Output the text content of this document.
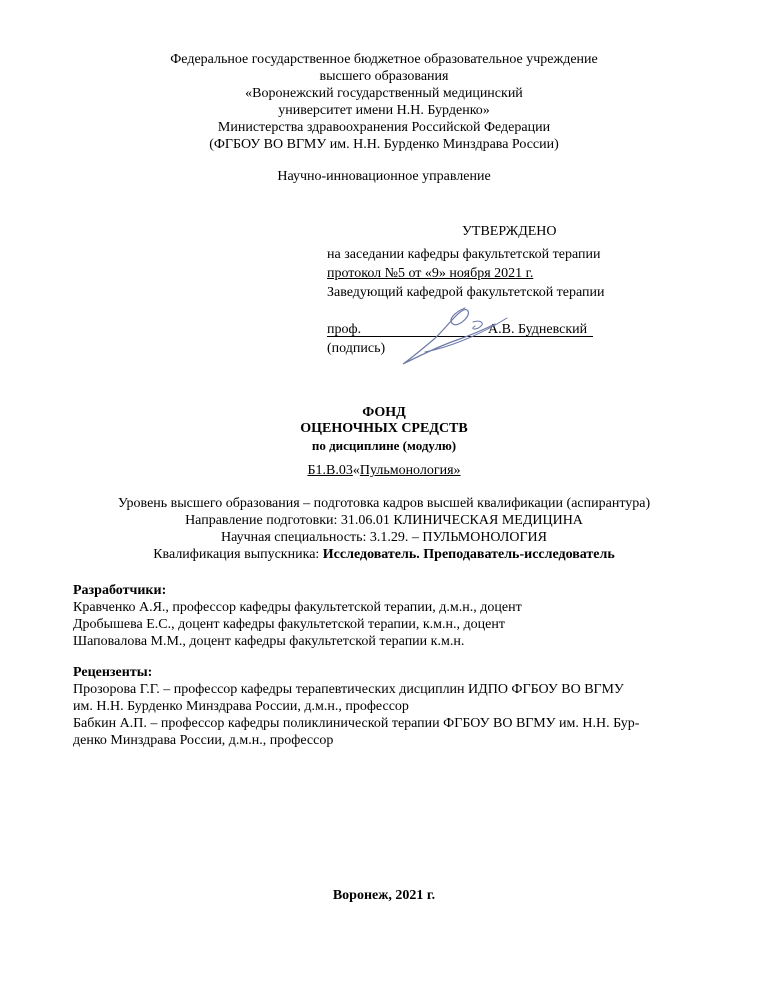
Федеральное государственное бюджетное образовательное учреждение
высшего образования
«Воронежский государственный медицинский
университет имени Н.Н. Бурденко»
Министерства здравоохранения Российской Федерации
(ФГБОУ ВО ВГМУ им. Н.Н. Бурденко Минздрава России)
Научно-инновационное управление
УТВЕРЖДЕНО
на заседании кафедры факультетской терапии
протокол №5 от «9» ноября 2021 г.
Заведующий кафедрой факультетской терапии
проф.	А.В. Будневский
(подпись)
ФОНД
ОЦЕНОЧНЫХ СРЕДСТВ
по дисциплине (модулю)
Б1.В.03«Пульмонология»
Уровень высшего образования – подготовка кадров высшей квалификации (аспирантура)
Направление подготовки: 31.06.01 КЛИНИЧЕСКАЯ МЕДИЦИНА
Научная специальность: 3.1.29. – ПУЛЬМОНОЛОГИЯ
Квалификация выпускника: Исследователь. Преподаватель-исследователь
Разработчики:
Кравченко А.Я., профессор кафедры факультетской терапии, д.м.н., доцент
Дробышева Е.С., доцент кафедры факультетской терапии, к.м.н., доцент
Шаповалова М.М., доцент кафедры факультетской терапии к.м.н.
Рецензенты:
Прозорова Г.Г. – профессор кафедры терапевтических дисциплин ИДПО ФГБОУ ВО ВГМУ
им. Н.Н. Бурденко Минздрава России, д.м.н., профессор
Бабкин А.П. – профессор кафедры поликлинической терапии ФГБОУ ВО ВГМУ им. Н.Н. Бур-
денко Минздрава России, д.м.н., профессор
Воронеж, 2021 г.
